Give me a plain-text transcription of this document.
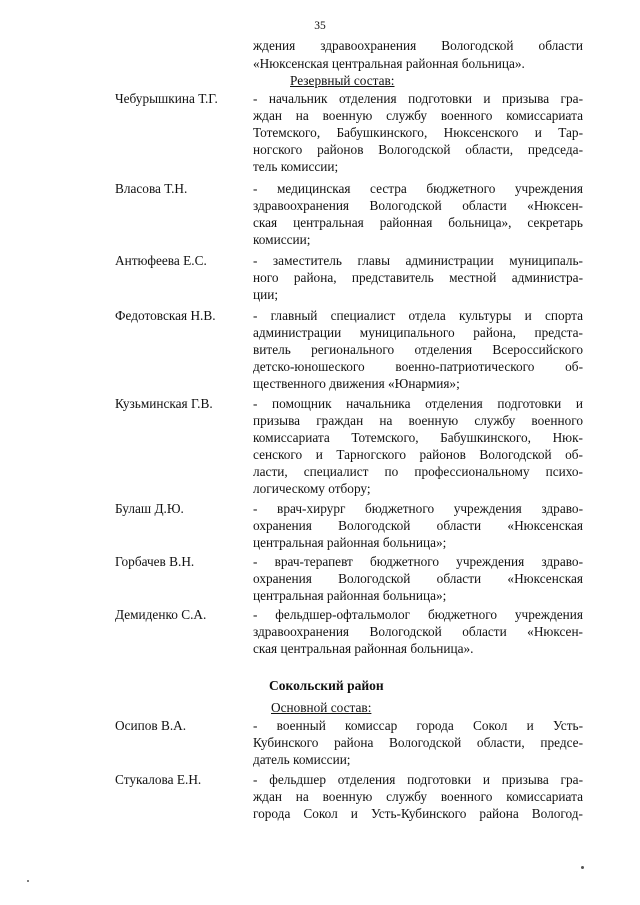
35
ждения здравоохранения Вологодской области
«Нюксенская центральная районная больница».
Резервный состав:
Чебурышкина Т.Г.	- начальник отделения подготовки и призыва гра-
ждан на военную службу военного комиссариата
Тотемского, Бабушкинского, Нюксенского и Тар-
ногского районов Вологодской области, председа-
тель комиссии;
Власова Т.Н.	- медицинская сестра бюджетного учреждения
здравоохранения Вологодской области «Нюксен-
ская центральная районная больница», секретарь
комиссии;
Антюфеева Е.С.	- заместитель главы администрации муниципаль-
ного района, представитель местной администра-
ции;
Федотовская Н.В.	- главный специалист отдела культуры и спорта
администрации муниципального района, предста-
витель регионального отделения Всероссийского
детско-юношеского военно-патриотического об-
щественного движения «Юнармия»;
Кузьминская Г.В.	- помощник начальника отделения подготовки и
призыва граждан на военную службу военного
комиссариата Тотемского, Бабушкинского, Нюк-
сенского и Тарногского районов Вологодской об-
ласти, специалист по профессиональному психо-
логическому отбору;
Булаш Д.Ю.	- врач-хирург бюджетного учреждения здраво-
охранения Вологодской области «Нюксенская
центральная районная больница»;
Горбачев В.Н.	- врач-терапевт бюджетного учреждения здраво-
охранения Вологодской области «Нюксенская
центральная районная больница»;
Демиденко С.А.	- фельдшер-офтальмолог бюджетного учреждения
здравоохранения Вологодской области «Нюксен-
ская центральная районная больница».
Сокольский район
Основной состав:
Осипов В.А.	- военный комиссар города Сокол и Усть-
Кубинского района Вологодской области, предсе-
датель комиссии;
Стукалова Е.Н.	- фельдшер отделения подготовки и призыва гра-
ждан на военную службу военного комиссариата
города Сокол и Усть-Кубинского района Вологод-
